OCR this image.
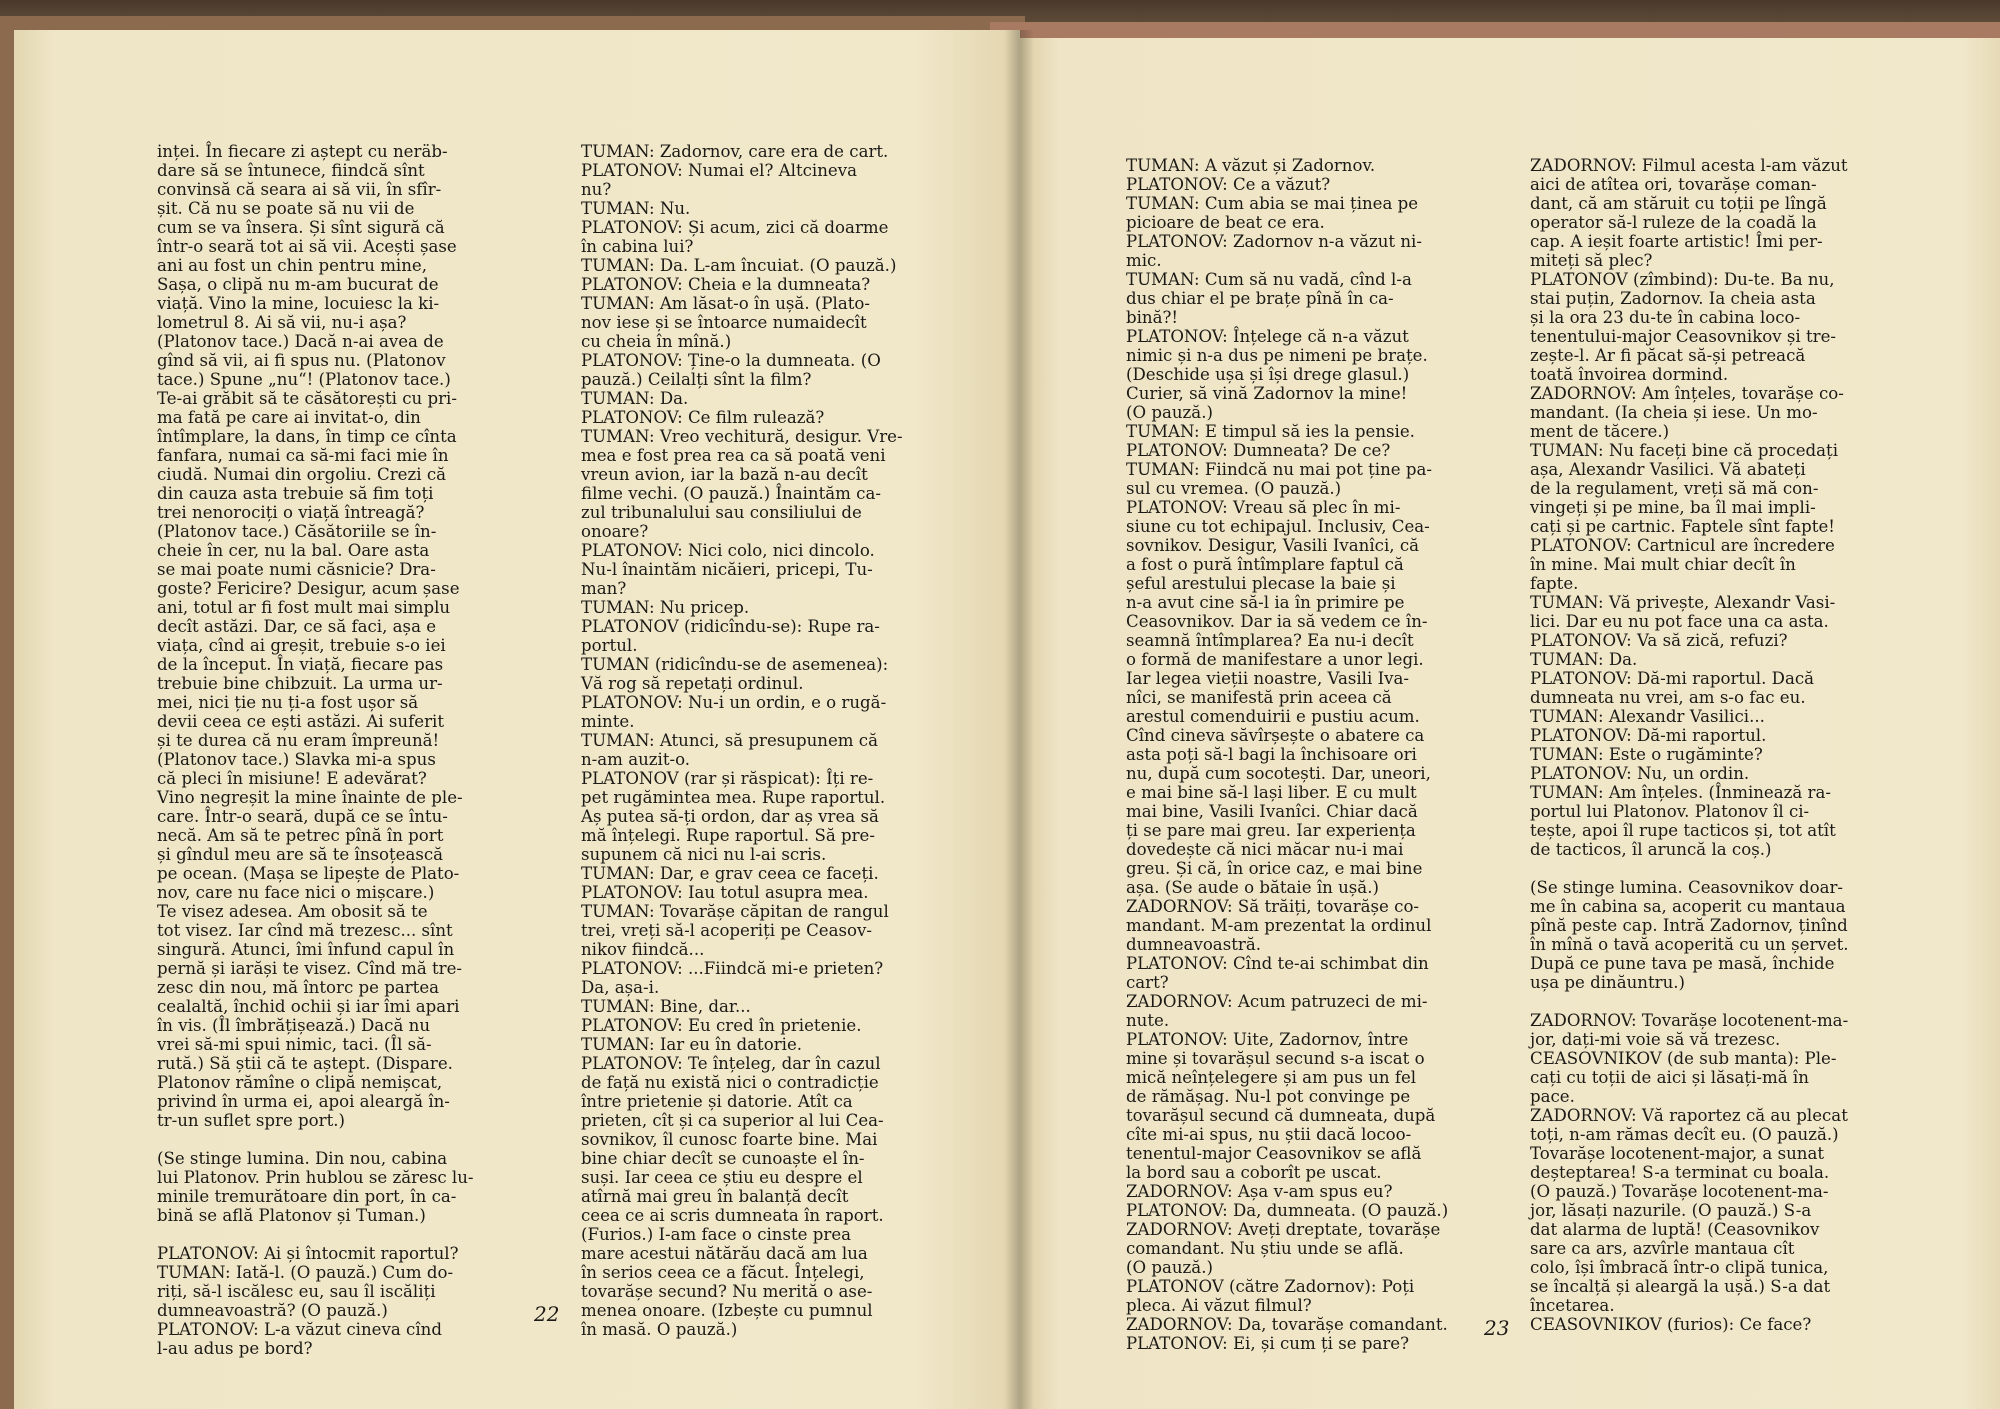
inței. În fiecare zi aștept cu neräb-

dare să se întunece, fiindcă sînt

convinsă că seara ai să vii, în sfîr-

șit. Că nu se poate să nu vii de

cum se va însera. Și sînt sigură că

într-o seară tot ai să vii. Acești șase

ani au fost un chin pentru mine,

Sașa, o clipă nu m-am bucurat de

viață. Vino la mine, locuiesc la ki-

lometrul 8. Ai să vii, nu-i așa?

(Platonov tace.) Dacă n-ai avea de

gînd să vii, ai fi spus nu. (Platonov

tace.) Spune „nu“! (Platonov tace.)

Te-ai grăbit să te căsătorești cu pri-

ma fată pe care ai invitat-o, din

întîmplare, la dans, în timp ce cînta

fanfara, numai ca să-mi faci mie în

ciudă. Numai din orgoliu. Crezi că

din cauza asta trebuie să fim toți

trei nenorociți o viață întreagă?

(Platonov tace.) Căsătoriile se în-

cheie în cer, nu la bal. Oare asta

se mai poate numi căsnicie? Dra-

goste? Fericire? Desigur, acum șase

ani, totul ar fi fost mult mai simplu

decît astăzi. Dar, ce să faci, așa e

viața, cînd ai greșit, trebuie s-o iei

de la început. În viață, fiecare pas

trebuie bine chibzuit. La urma ur-

mei, nici ție nu ți-a fost ușor să

devii ceea ce ești astăzi. Ai suferit

și te durea că nu eram împreună!

(Platonov tace.) Slavka mi-a spus

că pleci în misiune! E adevărat?

Vino negreșit la mine înainte de ple-

care. Într-o seară, după ce se întu-

necă. Am să te petrec pînă în port

și gîndul meu are să te însoțească

pe ocean. (Mașa se lipește de Plato-

nov, care nu face nici o mișcare.)

Te visez adesea. Am obosit să te

tot visez. Iar cînd mă trezesc... sînt

singură. Atunci, îmi înfund capul în

pernă și iarăși te visez. Cînd mă tre-

zesc din nou, mă întorc pe partea

cealaltă, închid ochii și iar îmi apari

în vis. (Îl îmbrățișează.) Dacă nu

vrei să-mi spui nimic, taci. (Îl să-

rută.) Să știi că te aștept. (Dispare.

Platonov rămîne o clipă nemișcat,

privind în urma ei, apoi aleargă în-

tr-un suflet spre port.)

(Se stinge lumina. Din nou, cabina

lui Platonov. Prin hublou se zăresc lu-

minile tremurătoare din port, în ca-

bină se află Platonov și Tuman.)

PLATONOV: Ai și întocmit raportul?

TUMAN: Iată-l. (O pauză.) Cum do-

riți, să-l iscălesc eu, sau îl iscăliți

dumneavoastră? (O pauză.)

PLATONOV: L-a văzut cineva cînd

l-au adus pe bord?

TUMAN: Zadornov, care era de cart.

PLATONOV: Numai el? Altcineva

nu?

TUMAN: Nu.

PLATONOV: Și acum, zici că doarme

în cabina lui?

TUMAN: Da. L-am încuiat. (O pauză.)

PLATONOV: Cheia e la dumneata?

TUMAN: Am lăsat-o în ușă. (Plato-

nov iese și se întoarce numaidecît

cu cheia în mînă.)

PLATONOV: Ține-o la dumneata. (O

pauză.) Ceilalți sînt la film?

TUMAN: Da.

PLATONOV: Ce film rulează?

TUMAN: Vreo vechitură, desigur. Vre-

mea e fost prea rea ca să poată veni

vreun avion, iar la bază n-au decît

filme vechi. (O pauză.) Înaintăm ca-

zul tribunalului sau consiliului de

onoare?

PLATONOV: Nici colo, nici dincolo.

Nu-l înaintăm nicăieri, pricepi, Tu-

man?

TUMAN: Nu pricep.

PLATONOV (ridicîndu-se): Rupe ra-

portul.

TUMAN (ridicîndu-se de asemenea):

Vă rog să repetați ordinul.

PLATONOV: Nu-i un ordin, e o rugă-

minte.

TUMAN: Atunci, să presupunem că

n-am auzit-o.

PLATONOV (rar și răspicat): Îți re-

pet rugămintea mea. Rupe raportul.

Aș putea să-ți ordon, dar aș vrea să

mă înțelegi. Rupe raportul. Să pre-

supunem că nici nu l-ai scris.

TUMAN: Dar, e grav ceea ce faceți.

PLATONOV: Iau totul asupra mea.

TUMAN: Tovarășe căpitan de rangul

trei, vreți să-l acoperiți pe Ceasov-

nikov fiindcă...

PLATONOV: ...Fiindcă mi-e prieten?

Da, așa-i.

TUMAN: Bine, dar...

PLATONOV: Eu cred în prietenie.

TUMAN: Iar eu în datorie.

PLATONOV: Te înțeleg, dar în cazul

de față nu există nici o contradicție

între prietenie și datorie. Atît ca

prieten, cît și ca superior al lui Cea-

sovnikov, îl cunosc foarte bine. Mai

bine chiar decît se cunoaște el în-

suși. Iar ceea ce știu eu despre el

atîrnă mai greu în balanță decît

ceea ce ai scris dumneata în raport.

(Furios.) I-am face o cinste prea

mare acestui nătărău dacă am lua

în serios ceea ce a făcut. Înțelegi,

tovarășe secund? Nu merită o ase-

menea onoare. (Izbește cu pumnul

în masă. O pauză.)

22

TUMAN: A văzut și Zadornov.

PLATONOV: Ce a văzut?

TUMAN: Cum abia se mai ținea pe

picioare de beat ce era.

PLATONOV: Zadornov n-a văzut ni-

mic.

TUMAN: Cum să nu vadă, cînd l-a

dus chiar el pe brațe pînă în ca-

bină?!

PLATONOV: Înțelege că n-a văzut

nimic și n-a dus pe nimeni pe brațe.

(Deschide ușa și își drege glasul.)

Curier, să vină Zadornov la mine!

(O pauză.)

TUMAN: E timpul să ies la pensie.

PLATONOV: Dumneata? De ce?

TUMAN: Fiindcă nu mai pot ține pa-

sul cu vremea. (O pauză.)

PLATONOV: Vreau să plec în mi-

siune cu tot echipajul. Inclusiv, Cea-

sovnikov. Desigur, Vasili Ivanîci, că

a fost o pură întîmplare faptul că

șeful arestului plecase la baie și

n-a avut cine să-l ia în primire pe

Ceasovnikov. Dar ia să vedem ce în-

seamnă întîmplarea? Ea nu-i decît

o formă de manifestare a unor legi.

Iar legea vieții noastre, Vasili Iva-

nîci, se manifestă prin aceea că

arestul comenduirii e pustiu acum.

Cînd cineva săvîrșește o abatere ca

asta poți să-l bagi la închisoare ori

nu, după cum socotești. Dar, uneori,

e mai bine să-l lași liber. E cu mult

mai bine, Vasili Ivanîci. Chiar dacă

ți se pare mai greu. Iar experiența

dovedește că nici măcar nu-i mai

greu. Și că, în orice caz, e mai bine

așa. (Se aude o bătaie în ușă.)

ZADORNOV: Să trăiți, tovarășe co-

mandant. M-am prezentat la ordinul

dumneavoastră.

PLATONOV: Cînd te-ai schimbat din

cart?

ZADORNOV: Acum patruzeci de mi-

nute.

PLATONOV: Uite, Zadornov, între

mine și tovarășul secund s-a iscat o

mică neînțelegere și am pus un fel

de rămășag. Nu-l pot convinge pe

tovarășul secund că dumneata, după

cîte mi-ai spus, nu știi dacă locoo-

tenentul-major Ceasovnikov se află

la bord sau a coborît pe uscat.

ZADORNOV: Așa v-am spus eu?

PLATONOV: Da, dumneata. (O pauză.)

ZADORNOV: Aveți dreptate, tovarășe

comandant. Nu știu unde se află.

(O pauză.)

PLATONOV (către Zadornov): Poți

pleca. Ai văzut filmul?

ZADORNOV: Da, tovarășe comandant.

PLATONOV: Ei, și cum ți se pare?

ZADORNOV: Filmul acesta l-am văzut

aici de atîtea ori, tovarășe coman-

dant, că am stăruit cu toții pe lîngă

operator să-l ruleze de la coadă la

cap. A ieșit foarte artistic! Îmi per-

miteți să plec?

PLATONOV (zîmbind): Du-te. Ba nu,

stai puțin, Zadornov. Ia cheia asta

și la ora 23 du-te în cabina loco-

tenentului-major Ceasovnikov și tre-

zește-l. Ar fi păcat să-și petreacă

toată învoirea dormind.

ZADORNOV: Am înțeles, tovarășe co-

mandant. (Ia cheia și iese. Un mo-

ment de tăcere.)

TUMAN: Nu faceți bine că procedați

așa, Alexandr Vasilici. Vă abateți

de la regulament, vreți să mă con-

vingeți și pe mine, ba îl mai impli-

cați și pe cartnic. Faptele sînt fapte!

PLATONOV: Cartnicul are încredere

în mine. Mai mult chiar decît în

fapte.

TUMAN: Vă privește, Alexandr Vasi-

lici. Dar eu nu pot face una ca asta.

PLATONOV: Va să zică, refuzi?

TUMAN: Da.

PLATONOV: Dă-mi raportul. Dacă

dumneata nu vrei, am s-o fac eu.

TUMAN: Alexandr Vasilici...

PLATONOV: Dă-mi raportul.

TUMAN: Este o rugăminte?

PLATONOV: Nu, un ordin.

TUMAN: Am înțeles. (Înminează ra-

portul lui Platonov. Platonov îl ci-

tește, apoi îl rupe tacticos și, tot atît

de tacticos, îl aruncă la coș.)

(Se stinge lumina. Ceasovnikov doar-

me în cabina sa, acoperit cu mantaua

pînă peste cap. Intră Zadornov, ținînd

în mînă o tavă acoperită cu un șervet.

După ce pune tava pe masă, închide

ușa pe dinăuntru.)

ZADORNOV: Tovarășe locotenent-ma-

jor, dați-mi voie să vă trezesc.

CEASOVNIKOV (de sub manta): Ple-

cați cu toții de aici și lăsați-mă în

pace.

ZADORNOV: Vă raportez că au plecat

toți, n-am rămas decît eu. (O pauză.)

Tovarășe locotenent-major, a sunat

deșteptarea! S-a terminat cu boala.

(O pauză.) Tovarășe locotenent-ma-

jor, lăsați nazurile. (O pauză.) S-a

dat alarma de luptă! (Ceasovnikov

sare ca ars, azvîrle mantaua cît

colo, își îmbracă într-o clipă tunica,

se încalță și aleargă la ușă.) S-a dat

încetarea.

CEASOVNIKOV (furios): Ce face?

23
